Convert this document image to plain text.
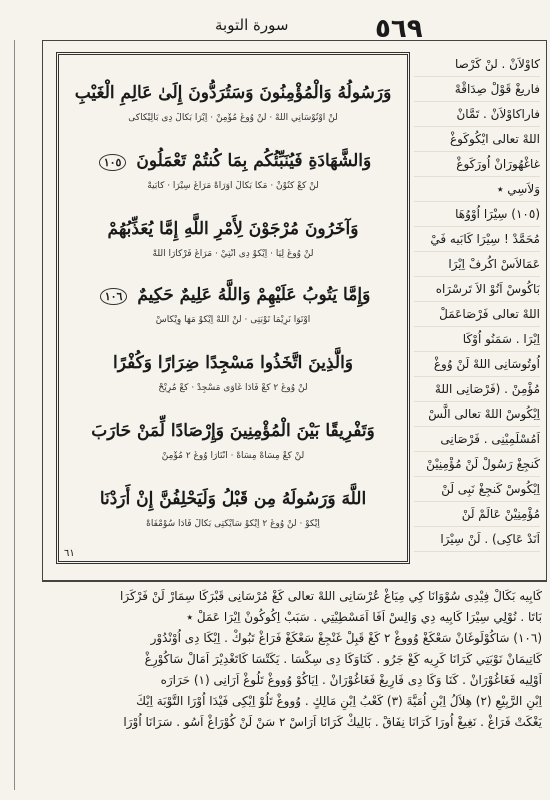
٥٦٩
سورة التوبة
وَرَسُولُهُ وَالْمُؤْمِنُونَ وَسَتُرَدُّونَ إِلَىٰ عَالِمِ الْغَيْبِ
لَنْ اُوْتُوْسَانِي اللهْ · لَنْ وُوغْ مُؤْمِنْ · اِيْرَا بَكَالْ دِى بَالِيْكَاكَى
وَالشَّهَادَةِ فَيُنَبِّئُكُم بِمَا كُنتُمْ تَعْمَلُونَ ١٠٥
لَنْ كَعْ كَتُوْنْ · مَكَا بَكَالْ آوَرَاهْ مَرَاغْ سِيْرَا · كَابَيهْ
وَآخَرُونَ مُرْجَوْنَ لِأَمْرِ اللَّهِ إِمَّا يُعَذِّبُهُمْ
لَنْ وُوغْ لِيَا · اِيْكُوْ دِى اَنْتِيْ · مَرَاغْ فَرْكَارَا اللهْ
وَإِمَّا يَتُوبُ عَلَيْهِمْ وَاللَّهُ عَلِيمٌ حَكِيمٌ ١٠٦
اُوْتَوَا نَرِيْمَا تَوْبَتِى · لَنْ اللهْ اِيْكُوْ مَهَا وِيْكَاسْ
وَالَّذِينَ اتَّخَذُوا مَسْجِدًا ضِرَارًا وَكُفْرًا
لَنْ وُوغْ ٢ كَعْ فَادَا غَاوَى مَسْجِدْ · كَعْ مُرِيْحْ
وَتَفْرِيقًا بَيْنَ الْمُؤْمِنِينَ وَإِرْصَادًا لِّمَنْ حَارَبَ
لَنْ كَعْ مِسَاهْ مِسَاهْ · اَنْتَارَا وُوغْ ٢ مُؤْمِنْ
اللَّهَ وَرَسُولَهُ مِن قَبْلُ وَلَيَحْلِفُنَّ إِنْ أَرَدْنَا
اِيْكُوْ · لَنْ وُوغْ ٢ اِيْكُوْ سَايْكْتِى بَكَالْ فَادَا سُوْمْفَاهْ
٦١
كاوْلاَنْ . لنْ كَرْصا
فاريغْ قَوْلْ صِدَاقْهْ
فاراكاوْلاَنْ . تَمَّانْ
اللهْ تعالى ايْكُوكَوغْ
غاغْهُورَانْ اُورَكَوغْ
وَلاَسِي ٭
(١٠٥) سِيْرَا اُوْوُهَا
مُحَمَّدْ ! سِيْرَا كَابَيه فَيْ
عَمَالاَسْ اكُرفْ اِيْرَا
بَاكُوسْ اَنُوْ الاَ تَرسْرَاه
اللهْ تعالى فَرْصَاعَمَلْ
اِيْرَا . سَمَنُو اُوْكَا
اُوتُوسَانِى اللهْ لَنْ وُوغْ
مُؤْمِنْ . (فَرْصَانِى اللهْ
اِيْكُوسْ اللهْ تعالى الَّسْ
اَمُسْلَمِيْنِى . فَرْصَانِى
كَنجِغْ رَسُولْ لَنْ مُؤْمِنِيْنْ
اِيْكُوسْ كَنجِغْ نَبِى لَنْ
مُؤْمِنِيْنْ عَالَمْ لَنْ
اَنَدْ عَاكِى) . لَنْ سِيْرَا
كَابِيه بَكَالْ فِيْدِى سُوْوَانَا كِي مِيَاغْ عُرْسَانِى اللهْ تعالى كَغْ مُرْسَانِى قَبْرَكَا سِمَارْ لَنْ فَرْكَرَا
بَاتَا . نُوْلِي سِيْرَا كَابِيه دِي وَالِسْ اَفَا اَمَسْطِيْتِي . سَبَبْ اِكُوكُونْ اِيْرَا عَمَلْ ٭
(١٠٦) سَاكُوْلَوغَانْ سَعْكَغْ وُووغْ ٢ كَغْ قَبِلْ غَنْجِغْ سَعْكَغْ فَرَاغْ تَبُوكْ . اِيْكَا دِى اُوْنْدُوْر
كَاتِيمَانْ نَوْبَتِي كَرَانَا كَرِيه كَعْ جَرُو . كَنَاوَكَا دِى سِكْسَا . يَكَتْسَا كَاتَغْدِيْرَ اَمَالْ سَاكُوْرِغْ
اَوْلِيه فَغَاغُوْرَانْ . كَنَا وَكَا دِى فَارِيغْ فَغَاغُوْرَانْ . اِيَاكُوْ وُووغْ تَلُوغْ اَرَانِى (١) حَرَارَه
اِبْنِ الرَّبِيْعِ (٢) هِلاَلُ اِبْنِ اُمَيَّةَ (٣) كَعْبُ اِبْنِ مَالِكٍ . وُووغْ تَلُوْ اِيْكِى فَيْدَا اُوْرَا التَّوْبَة اِيْكَ
يَغْكَتْ فَرَاغْ . نَغِيغْ اُورَا كَرَانَا نِفَاقْ . بَالِيكْ كَرَانَا اَرَاسْ ٢ سَنْ لَنْ كُوْرَاغْ اَسُو . سَرَانَا اُوْرَا
